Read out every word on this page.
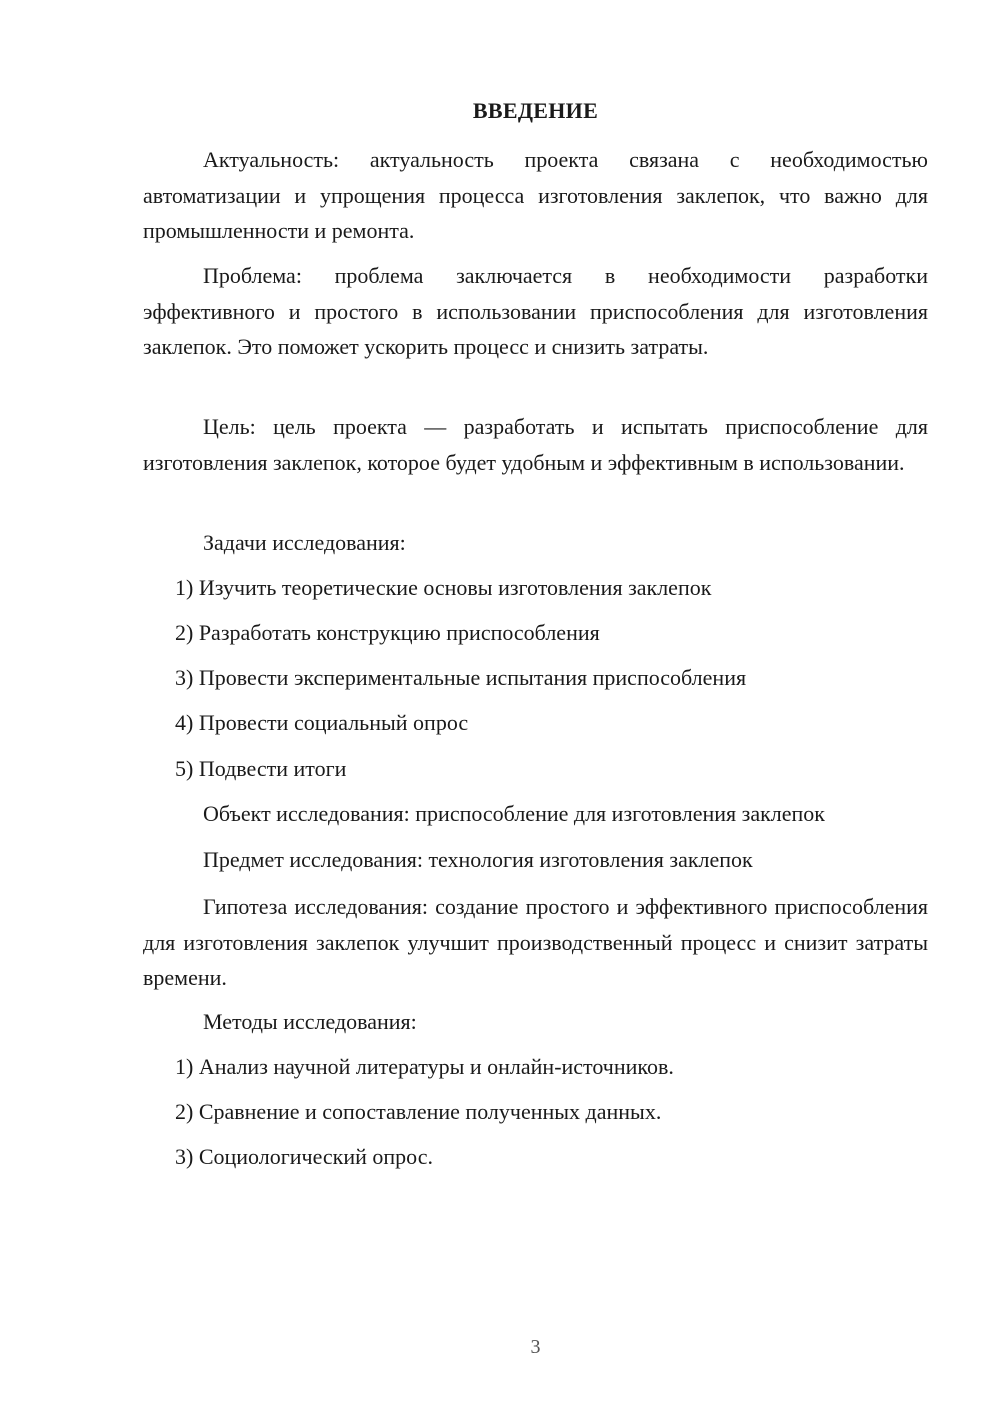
ВВЕДЕНИЕ

Актуальность: актуальность проекта связана с необходимостью автоматизации и упрощения процесса изготовления заклепок, что важно для промышленности и ремонта.

Проблема: проблема заключается в необходимости разработки эффективного и простого в использовании приспособления для изготовления заклепок. Это поможет ускорить процесс и снизить затраты.

Цель: цель проекта — разработать и испытать приспособление для изготовления заклепок, которое будет удобным и эффективным в использовании.

Задачи исследования:

1) Изучить теоретические основы изготовления заклепок

2) Разработать конструкцию приспособления

3) Провести экспериментальные испытания приспособления

4) Провести социальный опрос

5) Подвести итоги

Объект исследования: приспособление для изготовления заклепок

Предмет исследования: технология изготовления заклепок

Гипотеза исследования: создание простого и эффективного приспособления для изготовления заклепок улучшит производственный процесс и снизит затраты времени.

Методы исследования:

1) Анализ научной литературы и онлайн-источников.

2) Сравнение и сопоставление полученных данных.

3) Социологический опрос.

3
